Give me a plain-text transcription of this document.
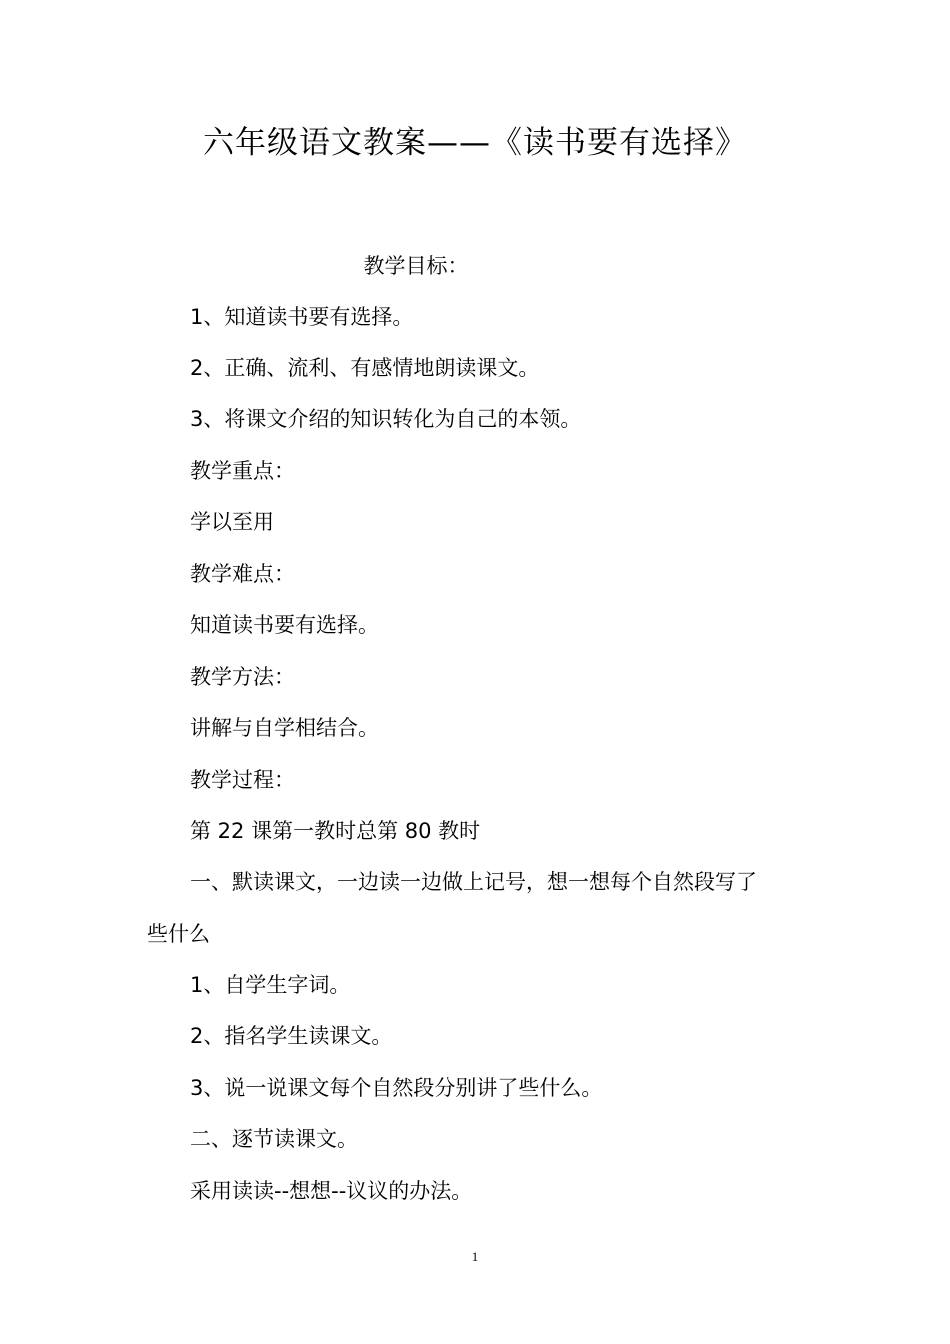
六年级语文教案——《读书要有选择》
教学目标：
1、知道读书要有选择。
2、正确、流利、有感情地朗读课文。
3、将课文介绍的知识转化为自己的本领。
教学重点：
学以至用
教学难点：
知道读书要有选择。
教学方法：
讲解与自学相结合。
教学过程：
第 22 课第一教时总第 80 教时
一、默读课文，一边读一边做上记号，想一想每个自然段写了
些什么
1、自学生字词。
2、指名学生读课文。
3、说一说课文每个自然段分别讲了些什么。
二、逐节读课文。
采用读读--想想--议议的办法。
1
